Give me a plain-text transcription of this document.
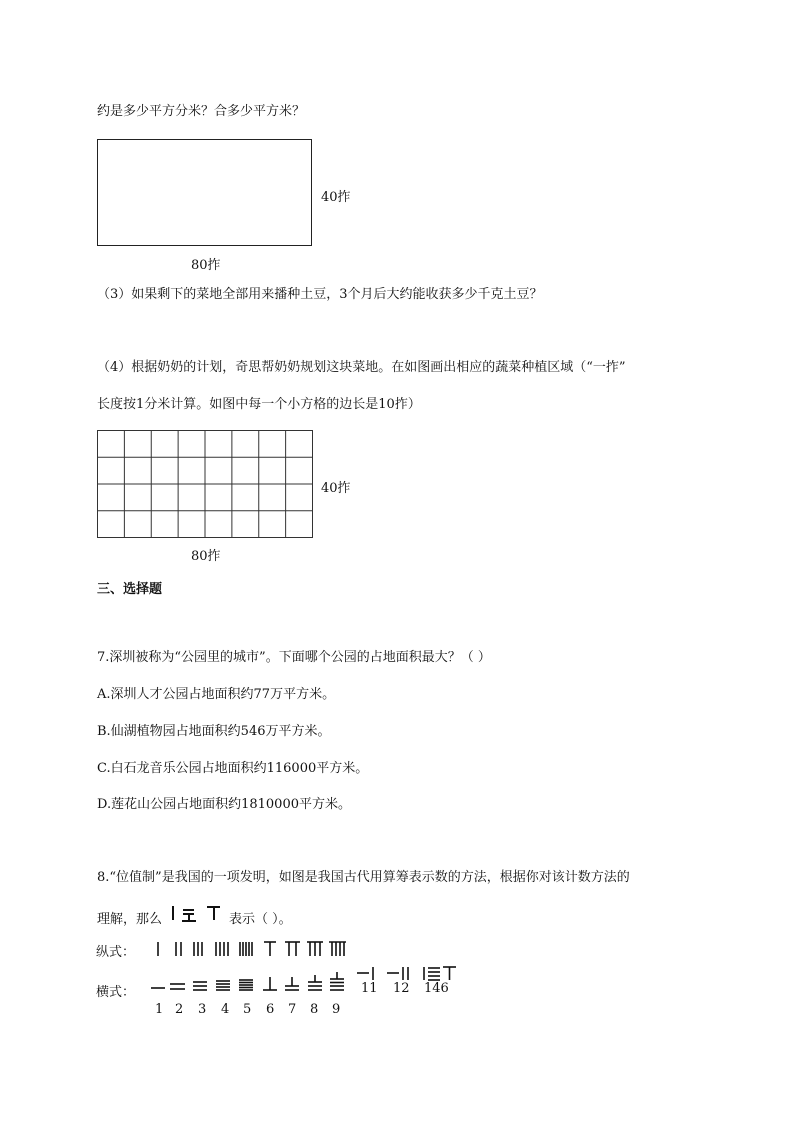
约是多少平方分米？合多少平方米？
40拃
80拃
（3）如果剩下的菜地全部用来播种土豆，3个月后大约能收获多少千克土豆？
（4）根据奶奶的计划，奇思帮奶奶规划这块菜地。在如图画出相应的蔬菜种植区域（“一拃”
长度按1分米计算。如图中每一个小方格的边长是10拃）
40拃
80拃
三、选择题
7.深圳被称为“公园里的城市”。下面哪个公园的占地面积最大？（ ）
A.深圳人才公园占地面积约77万平方米。
B.仙湖植物园占地面积约546万平方米。
C.白石龙音乐公园占地面积约116000平方米。
D.莲花山公园占地面积约1810000平方米。
8.“位值制”是我国的一项发明，如图是我国古代用算筹表示数的方法，根据你对该计数方法的
理解，那么	表示（ ）。
纵式：
横式：
1 2 3 4 5 6 7 8 9
11 12 146
